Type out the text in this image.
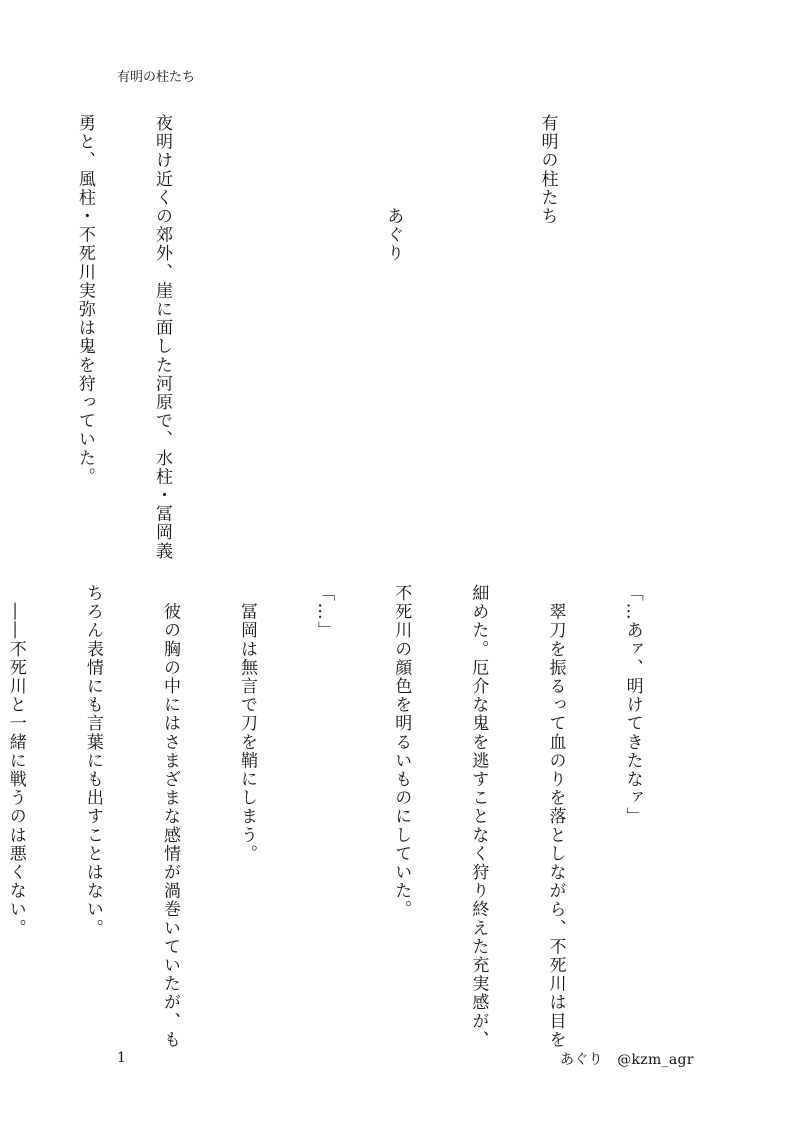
有明の柱たち

有明の柱たち

　　　　　あぐり

夜明け近くの郊外、崖に面した河原で、水柱・冨岡義

勇と、風柱・不死川実弥は鬼を狩っていた。

「…あァ、明けてきたなァ」

　翠刀を振るって血のりを落としながら、不死川は目を

細めた。厄介な鬼を逃すことなく狩り終えた充実感が、

不死川の顔色を明るいものにしていた。

「…」

　冨岡は無言で刀を鞘にしまう。

　彼の胸の中にはさまざまな感情が渦巻いていたが、も

ちろん表情にも言葉にも出すことはない。

　――不死川と一緒に戦うのは悪くない。

1	あぐり　@kzm_agr
